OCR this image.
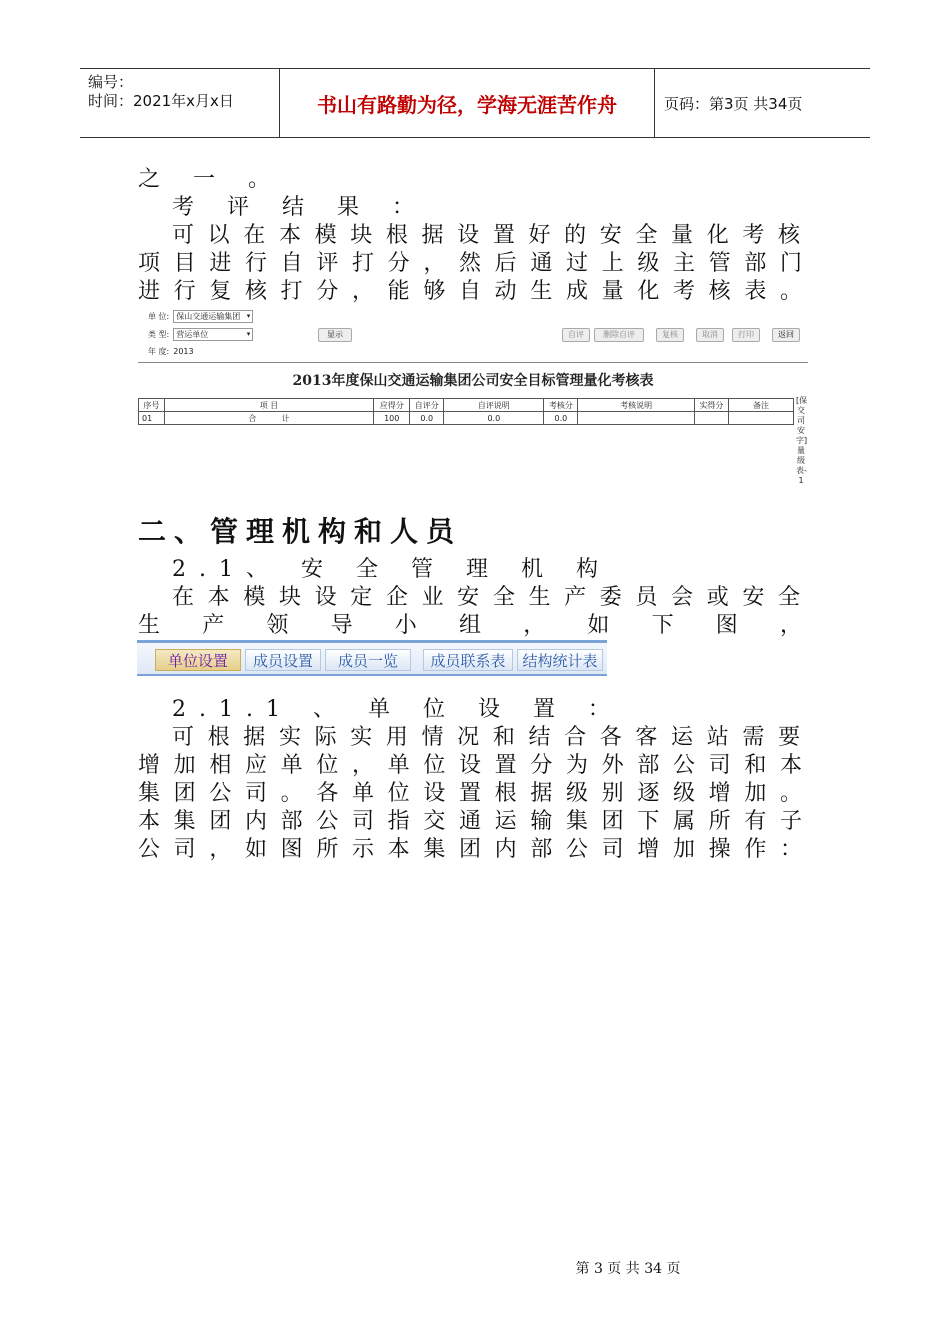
编号：
时间：2021年x月x日	书山有路勤为径，学海无涯苦作舟	页码：第3页 共34页
之 一 。
考 评 结 果 ：
可 以 在 本 模 块 根 据 设 置 好 的 安 全 量 化 考 核
项 目 进 行 自 评 打 分 ， 然 后 通 过 上 级 主 管 部 门
进 行 复 核 打 分 ， 能 够 自 动 生 成 量 化 考 核 表 。
单 位: 保山交通运输集团 ▾
类 型: 营运单位 ▾
年 度: 2013
显示	自评	删除自评	复核	取消	打印	返回
2013年度保山交通运输集团公司安全目标管理量化考核表
序号	项 目	应得分	自评分	自评说明	考核分	考核说明	实得分	备注
01	合          计	100	0.0	0.0	0.0			
[保交司安字]量级表-1
二、管理机构和人员
2.1、 安 全 管 理 机 构
在 本 模 块 设 定 企 业 安 全 生 产 委 员 会 或 安 全
生 产 领 导 小 组 ， 如 下 图 ，
单位设置	成员设置	成员一览	成员联系表	结构统计表
2.1.1 、 单 位 设 置 ：
可 根 据 实 际 实 用 情 况 和 结 合 各 客 运 站 需 要
增 加 相 应 单 位 ， 单 位 设 置 分 为 外 部 公 司 和 本
集 团 公 司 。 各 单 位 设 置 根 据 级 别 逐 级 增 加 。
本 集 团 内 部 公 司 指 交 通 运 输 集 团 下 属 所 有 子
公 司 ， 如 图 所 示 本 集 团 内 部 公 司 增 加 操 作 ：
第 3 页 共 34 页
